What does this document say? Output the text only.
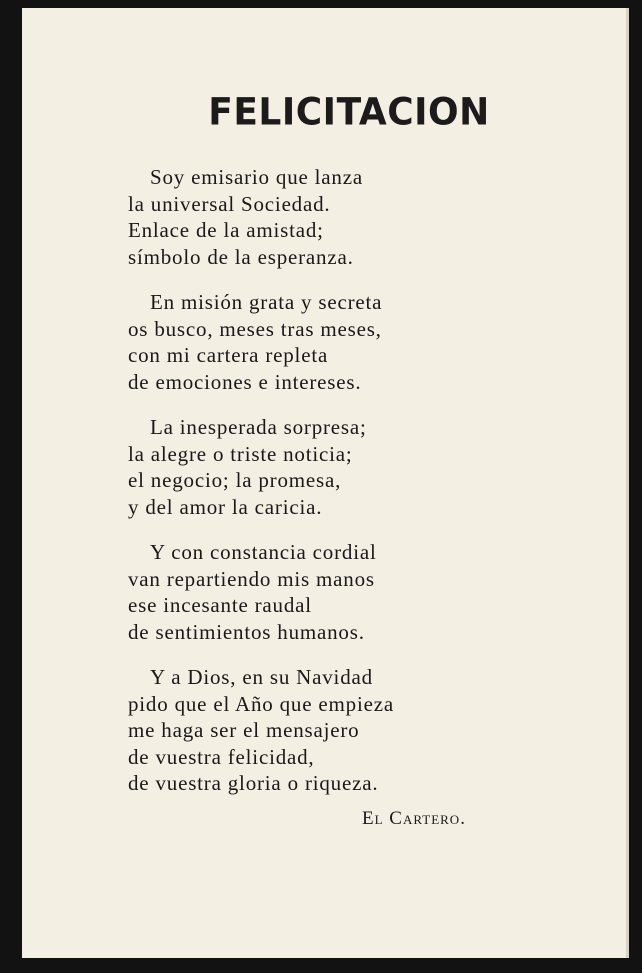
FELICITACION
Soy emisario que lanza
la universal Sociedad.
Enlace de la amistad;
símbolo de la esperanza.
En misión grata y secreta
os busco, meses tras meses,
con mi cartera repleta
de emociones e intereses.
La inesperada sorpresa;
la alegre o triste noticia;
el negocio; la promesa,
y del amor la caricia.
Y con constancia cordial
van repartiendo mis manos
ese incesante raudal
de sentimientos humanos.
Y a Dios, en su Navidad
pido que el Año que empieza
me haga ser el mensajero
de vuestra felicidad,
de vuestra gloria o riqueza.
El Cartero.
